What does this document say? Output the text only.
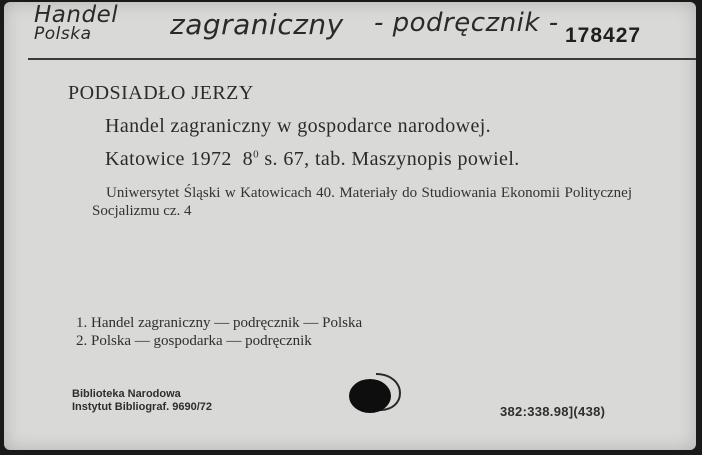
Handel
Polska	zagraniczny - podręcznik - 178427
PODSIADŁO JERZY
Handel zagraniczny w gospodarce narodowej.
Katowice 1972 $8^0$ s. 67, tab. Maszynopis powiel.
Uniwersytet Śląski w Katowicach 40. Materiały do Studiowania Ekonomii Politycznej Socjalizmu cz. 4
1. Handel zagraniczny — podręcznik — Polska
2. Polska — gospodarka — podręcznik
Biblioteka Narodowa
Instytut Bibliograf. 9690/72	382:338.98](438)
